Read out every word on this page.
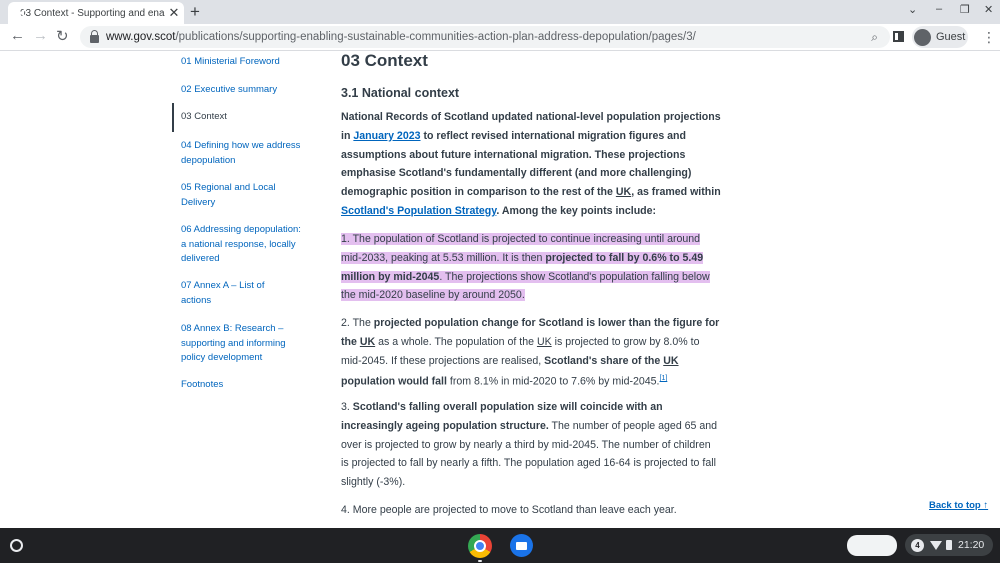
03 Context - Supporting and ena ✕ +	⌄ – ❐ ✕
← → ↻	www.gov.scot /publications/supporting-enabling-sustainable-communities-action-plan-address-depopulation/pages/3/	⌕	Guest ⋮
01 Ministerial Foreword
02 Executive summary
03 Context
04 Defining how we address depopulation
05 Regional and Local Delivery
06 Addressing depopulation: a national response, locally delivered
07 Annex A – List of actions
08 Annex B: Research – supporting and informing policy development
Footnotes
03 Context
3.1 National context

National Records of Scotland updated national-level population projections in January 2023 to reflect revised international migration figures and assumptions about future international migration. These projections emphasise Scotland's fundamentally different (and more challenging) demographic position in comparison to the rest of the UK, as framed within Scotland's Population Strategy. Among the key points include:

1. The population of Scotland is projected to continue increasing until around mid-2033, peaking at 5.53 million. It is then projected to fall by 0.6% to 5.49 million by mid-2045. The projections show Scotland's population falling below the mid-2020 baseline by around 2050.

2. The projected population change for Scotland is lower than the figure for the UK as a whole. The population of the UK is projected to grow by 8.0% to mid-2045. If these projections are realised, Scotland's share of the UK population would fall from 8.1% in mid-2020 to 7.6% by mid-2045.[1]

3. Scotland's falling overall population size will coincide with an increasingly ageing population structure. The number of people aged 65 and over is projected to grow by nearly a third by mid-2045. The number of children is projected to fall by nearly a fifth. The population aged 16-64 is projected to fall slightly (-3%).

4. More people are projected to move to Scotland than leave each year.	Back to top ↑
4	21:20
